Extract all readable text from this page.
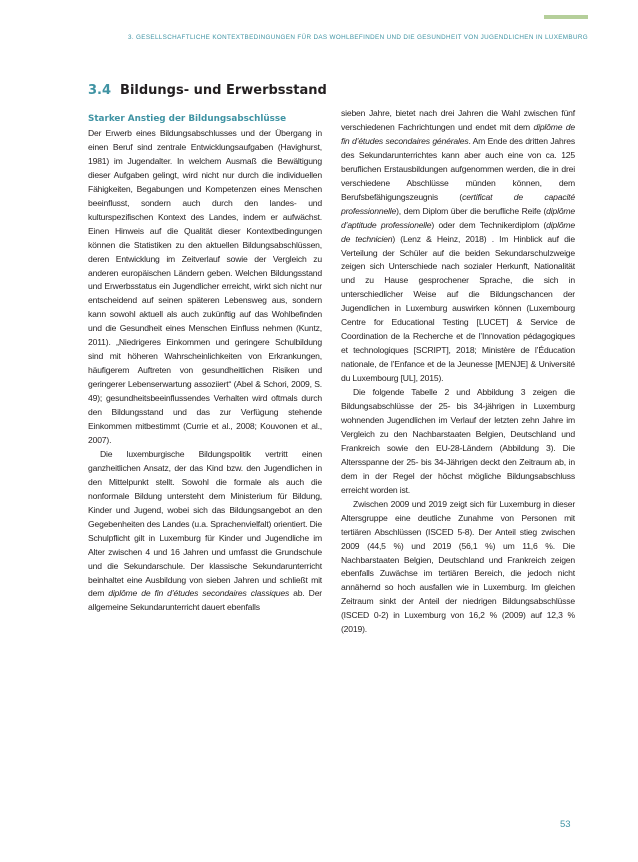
3. GESELLSCHAFTLICHE KONTEXTBEDINGUNGEN FÜR DAS WOHLBEFINDEN UND DIE GESUNDHEIT VON JUGENDLICHEN IN LUXEMBURG
3.4 Bildungs- und Erwerbsstand
Starker Anstieg der Bildungsabschlüsse

Der Erwerb eines Bildungsabschlusses und der Übergang in einen Beruf sind zentrale Entwicklungsaufgaben (Havighurst, 1981) im Jugendalter. In welchem Ausmaß die Bewältigung dieser Aufgaben gelingt, wird nicht nur durch die individuellen Fähigkeiten, Begabungen und Kompetenzen eines Menschen beeinflusst, sondern auch durch den landes- und kulturspezifischen Kontext des Landes, indem er aufwächst. Einen Hinweis auf die Qualität dieser Kontextbedingungen können die Statistiken zu den aktuellen Bildungsabschlüssen, deren Entwicklung im Zeitverlauf sowie der Vergleich zu anderen europäischen Ländern geben. Welchen Bildungsstand und Erwerbsstatus ein Jugendlicher erreicht, wirkt sich nicht nur entscheidend auf seinen späteren Lebensweg aus, sondern kann sowohl aktuell als auch zukünftig auf das Wohlbefinden und die Gesundheit eines Menschen Einfluss nehmen (Kuntz, 2011). „Niedrigeres Einkommen und geringere Schulbildung sind mit höheren Wahrscheinlichkeiten von Erkrankungen, häufigerem Auftreten von gesundheitlichen Risiken und geringerer Lebenserwartung assoziiert“ (Abel & Schori, 2009, S. 49); gesundheitsbeeinflussendes Verhalten wird oftmals durch den Bildungsstand und das zur Verfügung stehende Einkommen mitbestimmt (Currie et al., 2008; Kouvonen et al., 2007).

Die luxemburgische Bildungspolitik vertritt einen ganzheitlichen Ansatz, der das Kind bzw. den Jugendlichen in den Mittelpunkt stellt. Sowohl die formale als auch die nonformale Bildung untersteht dem Ministerium für Bildung, Kinder und Jugend, wobei sich das Bildungsangebot an den Gegebenheiten des Landes (u.a. Sprachenvielfalt) orientiert. Die Schulpflicht gilt in Luxemburg für Kinder und Jugendliche im Alter zwischen 4 und 16 Jahren und umfasst die Grundschule und die Sekundarschule. Der klassische Sekundarunterricht beinhaltet eine Ausbildung von sieben Jahren und schließt mit dem diplôme de fin d’études secondaires classiques ab. Der allgemeine Sekundarunterricht dauert ebenfalls

sieben Jahre, bietet nach drei Jahren die Wahl zwischen fünf verschiedenen Fachrichtungen und endet mit dem diplôme de fin d’études secondaires générales. Am Ende des dritten Jahres des Sekundarunterrichtes kann aber auch eine von ca. 125 beruflichen Erstausbildungen aufgenommen werden, die in drei verschiedene Abschlüsse münden können, dem Berufsbefähigungszeugnis (certificat de capacité professionnelle), dem Diplom über die berufliche Reife (diplôme d’aptitude professionelle) oder dem Technikerdiplom (diplôme de technicien) (Lenz & Heinz, 2018) . Im Hinblick auf die Verteilung der Schüler auf die beiden Sekundarschulzweige zeigen sich Unterschiede nach sozialer Herkunft, Nationalität und zu Hause gesprochener Sprache, die sich in unterschiedlicher Weise auf die Bildungschancen der Jugendlichen in Luxemburg auswirken können (Luxembourg Centre for Educational Testing [LUCET] & Service de Coordination de la Recherche et de l’Innovation pédagogiques et technologiques [SCRIPT], 2018; Ministère de l’Éducation nationale, de l’Enfance et de la Jeunesse [MENJE] & Université du Luxembourg [UL], 2015).

Die folgende Tabelle 2 und Abbildung 3 zeigen die Bildungsabschlüsse der 25- bis 34-jährigen in Luxemburg wohnenden Jugendlichen im Verlauf der letzten zehn Jahre im Vergleich zu den Nachbarstaaten Belgien, Deutschland und Frankreich sowie den EU-28-Ländern (Abbildung 3). Die Altersspanne der 25- bis 34-Jährigen deckt den Zeitraum ab, in dem in der Regel der höchst mögliche Bildungsabschluss erreicht worden ist.

Zwischen 2009 und 2019 zeigt sich für Luxemburg in dieser Altersgruppe eine deutliche Zunahme von Personen mit tertiären Abschlüssen (ISCED 5-8). Der Anteil stieg zwischen 2009 (44,5 %) und 2019 (56,1 %) um 11,6 %. Die Nachbarstaaten Belgien, Deutschland und Frankreich zeigen ebenfalls Zuwächse im tertiären Bereich, die jedoch nicht annähernd so hoch ausfallen wie in Luxemburg. Im gleichen Zeitraum sinkt der Anteil der niedrigen Bildungsabschlüsse (ISCED 0-2) in Luxemburg von 16,2 % (2009) auf 12,3 % (2019).

53
